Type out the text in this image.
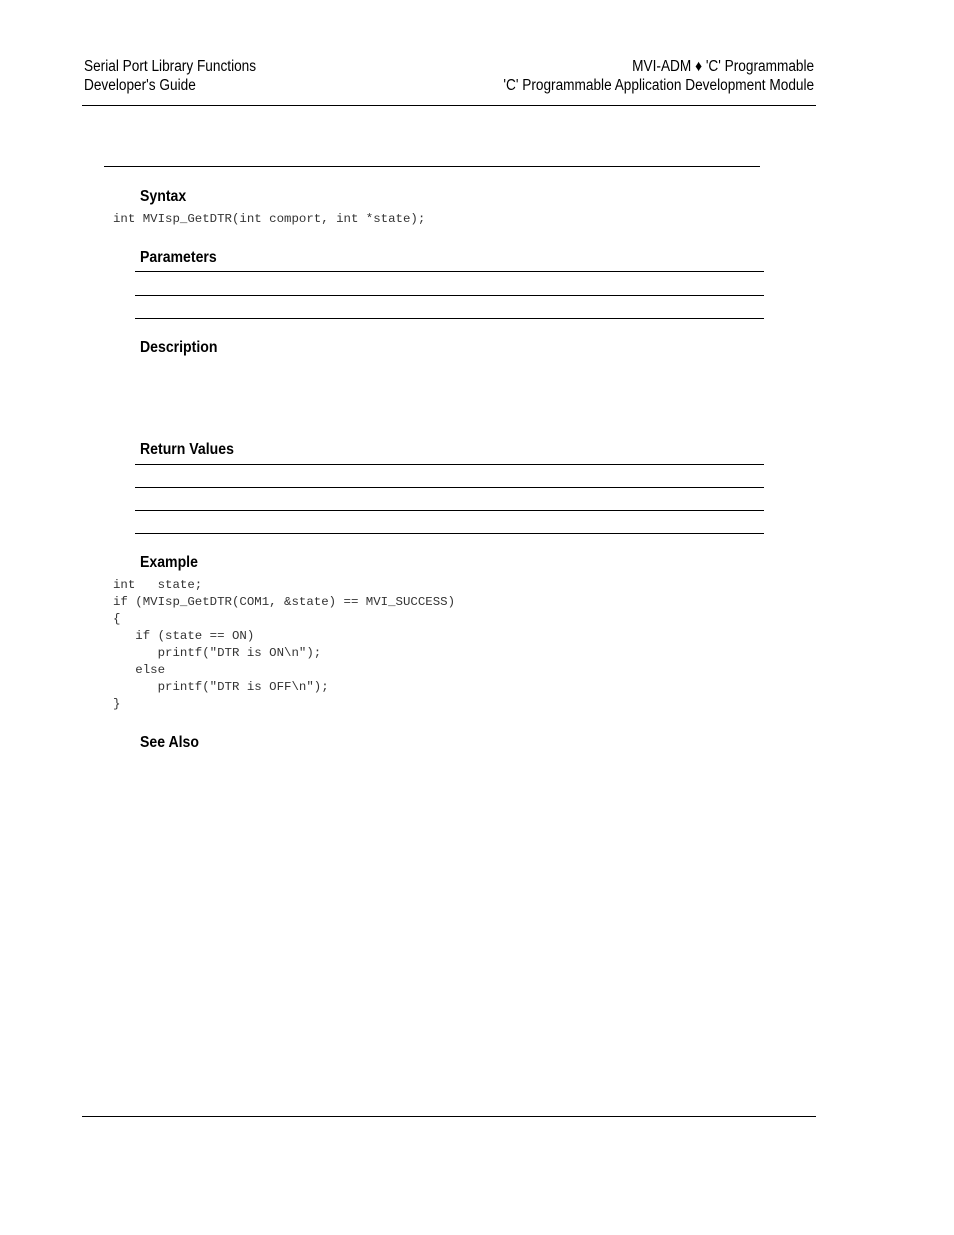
Serial Port Library Functions
Developer's Guide
MVI-ADM ♦ 'C' Programmable
'C' Programmable Application Development Module
Syntax
int MVIsp_GetDTR(int comport, int *state);
Parameters
Description
Return Values
Example
int   state;
if (MVIsp_GetDTR(COM1, &state) == MVI_SUCCESS)
{
if (state == ON)
printf("DTR is ON\n");
else
printf("DTR is OFF\n");
}
See Also
